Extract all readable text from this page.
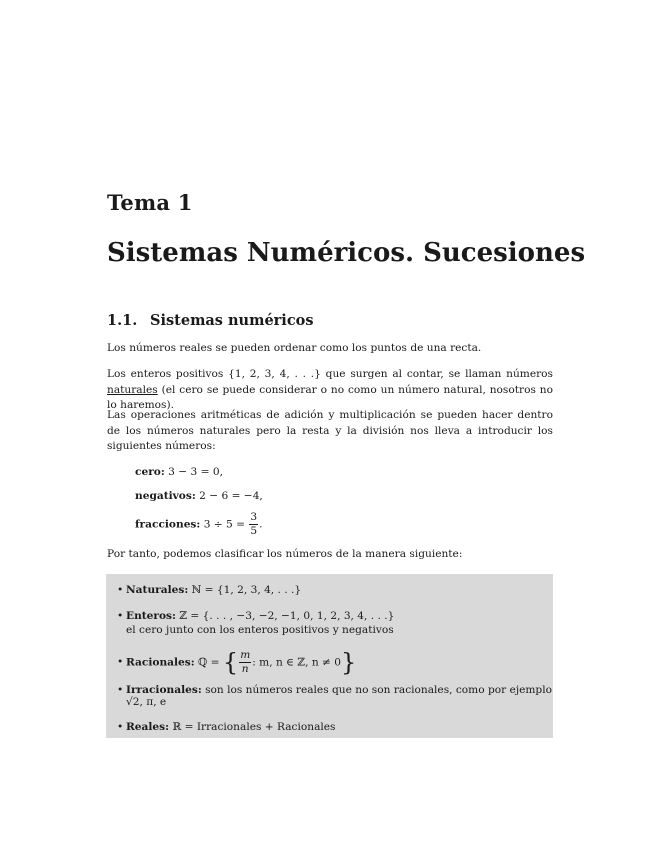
Tema 1
Sistemas Numéricos. Sucesiones
1.1. Sistemas numéricos
Los números reales se pueden ordenar como los puntos de una recta.
Los enteros positivos {1, 2, 3, 4, . . .} que surgen al contar, se llaman números naturales (el cero se puede considerar o no como un número natural, nosotros no lo haremos).
Las operaciones aritméticas de adición y multiplicación se pueden hacer dentro de los números naturales pero la resta y la división nos lleva a introducir los siguientes números:
cero: 3 − 3 = 0,
negativos: 2 − 6 = −4,
fracciones: $3 \div 5 = \frac{3}{5}$ .
Por tanto, podemos clasificar los números de la manera siguiente:
• Naturales: ℕ = {1, 2, 3, 4, . . .}
• Enteros: ℤ = {. . . , −3, −2, −1, 0, 1, 2, 3, 4, . . .}
el cero junto con los enteros positivos y negativos
• Racionales: ℚ = { $\frac{m}{n}$ : m, n ∈ ℤ, n ≠ 0}
• Irracionales: son los números reales que no son racionales, como por ejemplo
√2, π, e
• Reales: ℝ = Irracionales + Racionales
